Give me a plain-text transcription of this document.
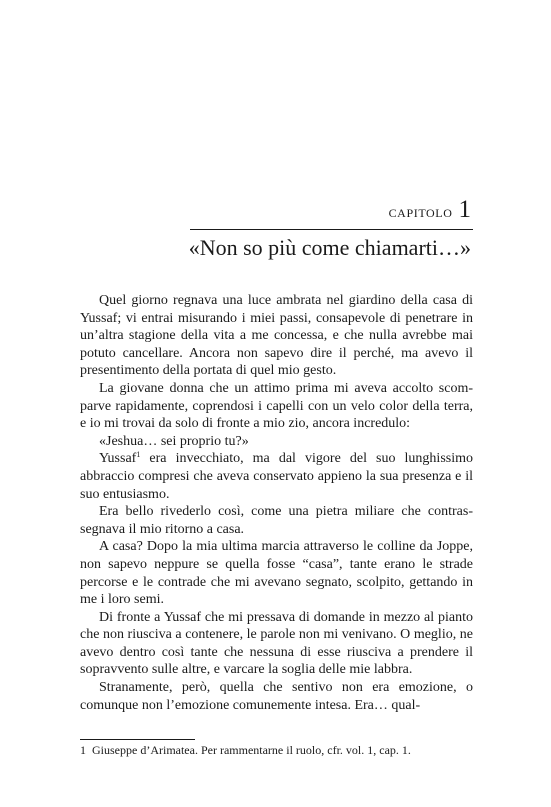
CAPITOLO 1
«Non so più come chiamarti…»

Quel giorno regnava una luce ambrata nel giardino della casa di Yussaf; vi entrai misurando i miei passi, consapevole di penetrare in un’altra stagione della vita a me concessa, e che nulla avrebbe mai potuto cancellare. Ancora non sapevo dire il perché, ma avevo il presentimento della portata di quel mio gesto.

La giovane donna che un attimo prima mi aveva accolto scomparve rapidamente, coprendosi i capelli con un velo color della terra, e io mi trovai da solo di fronte a mio zio, ancora incredulo:

«Jeshua… sei proprio tu?»

Yussaf$^1$ era invecchiato, ma dal vigore del suo lunghissimo abbraccio compresi che aveva conservato appieno la sua presenza e il suo entusiasmo.

Era bello rivederlo così, come una pietra miliare che contrassegnava il mio ritorno a casa.

A casa? Dopo la mia ultima marcia attraverso le colline da Joppe, non sapevo neppure se quella fosse “casa”, tante erano le strade percorse e le contrade che mi avevano segnato, scolpito, gettando in me i loro semi.

Di fronte a Yussaf che mi pressava di domande in mezzo al pianto che non riusciva a contenere, le parole non mi venivano. O meglio, ne avevo dentro così tante che nessuna di esse riusciva a prendere il sopravvento sulle altre, e varcare la soglia delle mie labbra.

Stranamente, però, quella che sentivo non era emozione, o comunque non l’emozione comunemente intesa. Era… qual-

1 Giuseppe d’Arimatea. Per rammentarne il ruolo, cfr. vol. 1, cap. 1.
